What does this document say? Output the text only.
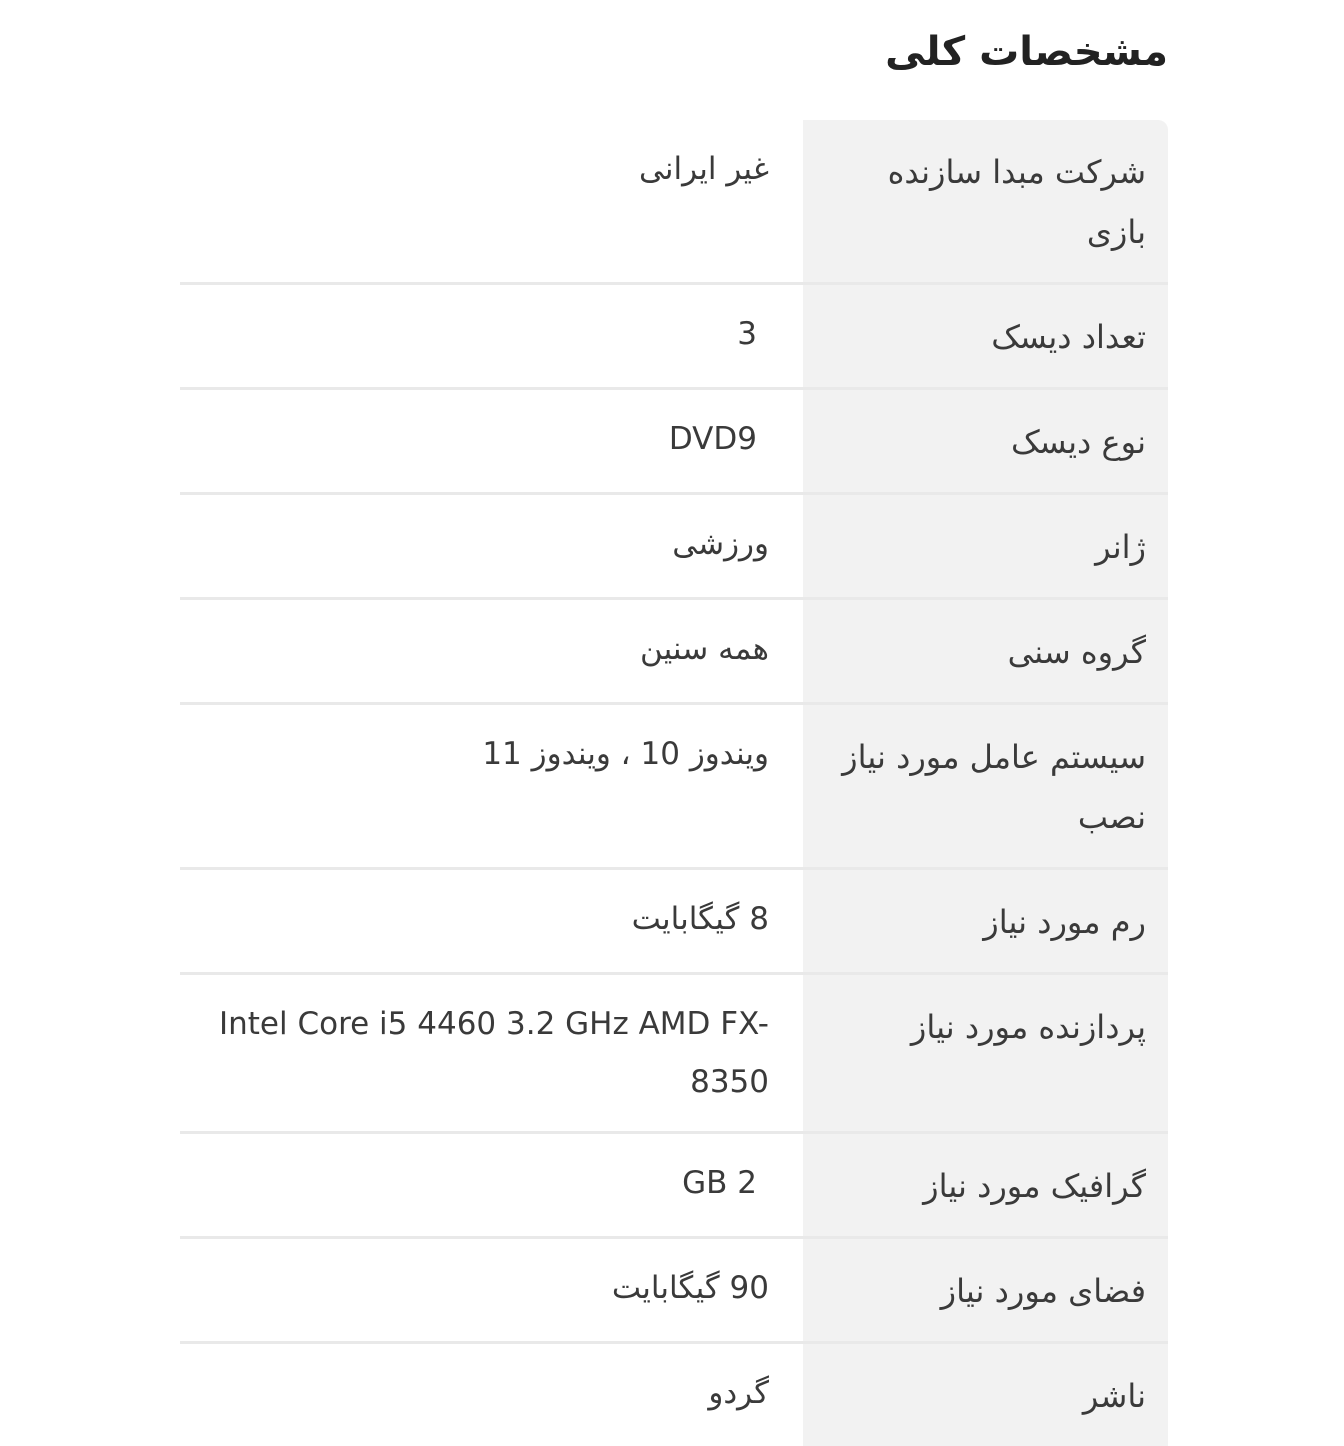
مشخصات کلی
شرکت مبدا سازنده بازی
غیر ایرانی
تعداد دیسک
3
نوع دیسک
DVD9
ژانر
ورزشی
گروه سنی
همه سنین
سیستم عامل مورد نیاز نصب
ویندوز 10 ، ویندوز 11
رم مورد نیاز
8 گیگابایت
پردازنده مورد نیاز
Intel Core i5 4460 3.2 GHz AMD FX-8350
گرافیک مورد نیاز
2 GB
فضای مورد نیاز
90 گیگابایت
ناشر
گردو
